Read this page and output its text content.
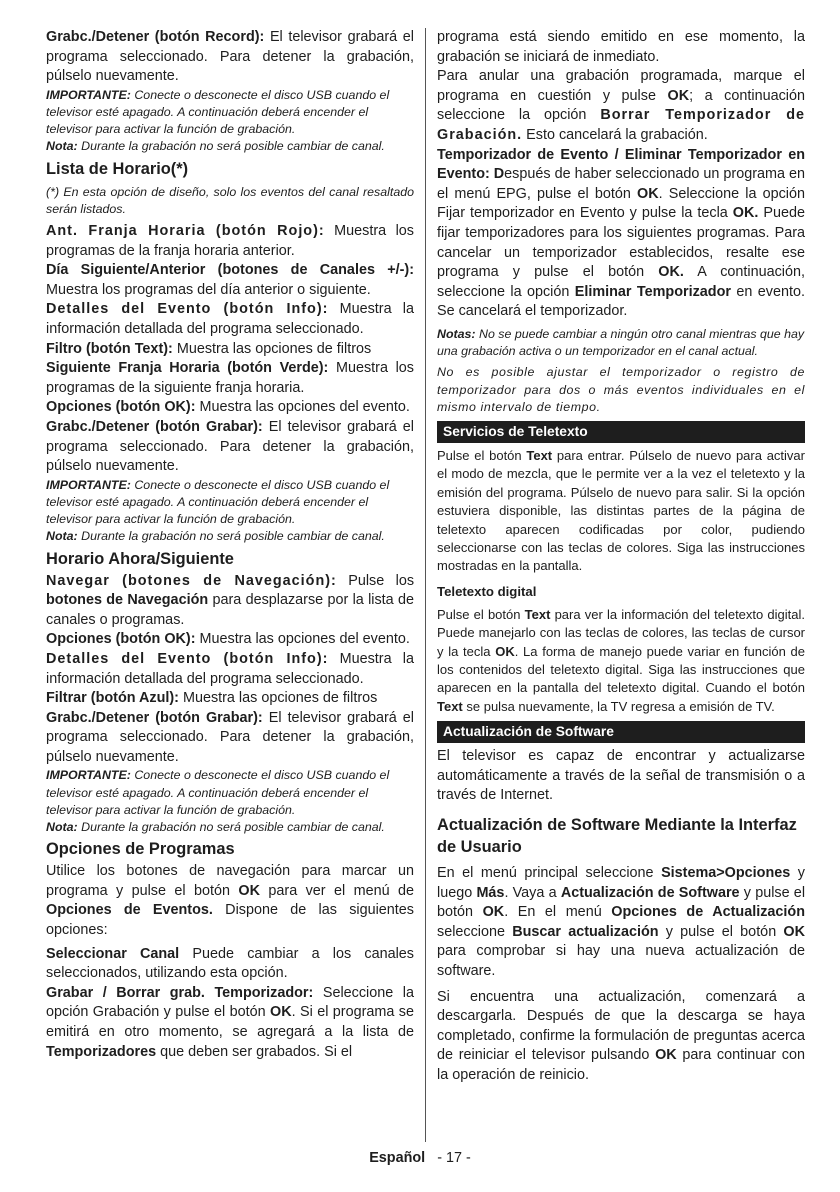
Grabc./Detener (botón Record): El televisor grabará el programa seleccionado. Para detener la grabación, púlselo nuevamente.

IMPORTANTE: Conecte o desconecte el disco USB cuando el televisor esté apagado. A continuación deberá encender el televisor para activar la función de grabación.

Nota: Durante la grabación no será posible cambiar de canal.

Lista de Horario(*)

(*) En esta opción de diseño, solo los eventos del canal resaltado serán listados.

Ant. Franja Horaria (botón Rojo): Muestra los programas de la franja horaria anterior.

Día Siguiente/Anterior (botones de Canales +/-): Muestra los programas del día anterior o siguiente.

Detalles del Evento (botón Info): Muestra la información detallada del programa seleccionado.

Filtro (botón Text): Muestra las opciones de filtros

Siguiente Franja Horaria (botón Verde): Muestra los programas de la siguiente franja horaria.

Opciones (botón OK): Muestra las opciones del evento.

Grabc./Detener (botón Grabar): El televisor grabará el programa seleccionado. Para detener la grabación, púlselo nuevamente.

IMPORTANTE: Conecte o desconecte el disco USB cuando el televisor esté apagado. A continuación deberá encender el televisor para activar la función de grabación.

Nota: Durante la grabación no será posible cambiar de canal.

Horario Ahora/Siguiente

Navegar (botones de Navegación): Pulse los botones de Navegación para desplazarse por la lista de canales o programas.

Opciones (botón OK): Muestra las opciones del evento.

Detalles del Evento (botón Info): Muestra la información detallada del programa seleccionado.

Filtrar (botón Azul): Muestra las opciones de filtros

Grabc./Detener (botón Grabar): El televisor grabará el programa seleccionado. Para detener la grabación, púlselo nuevamente.

IMPORTANTE: Conecte o desconecte el disco USB cuando el televisor esté apagado. A continuación deberá encender el televisor para activar la función de grabación.

Nota: Durante la grabación no será posible cambiar de canal.

Opciones de Programas

Utilice los botones de navegación para marcar un programa y pulse el botón OK para ver el menú de Opciones de Eventos. Dispone de las siguientes opciones:

Seleccionar Canal Puede cambiar a los canales seleccionados, utilizando esta opción.

Grabar / Borrar grab. Temporizador: Seleccione la opción Grabación y pulse el botón OK. Si el programa se emitirá en otro momento, se agregará a la lista de Temporizadores que deben ser grabados. Si el

programa está siendo emitido en ese momento, la grabación se iniciará de inmediato.

Para anular una grabación programada, marque el programa en cuestión y pulse OK; a continuación seleccione la opción Borrar Temporizador de Grabación. Esto cancelará la grabación.

Temporizador de Evento / Eliminar Temporizador en Evento: Después de haber seleccionado un programa en el menú EPG, pulse el botón OK. Seleccione la opción Fijar temporizador en Evento y pulse la tecla OK. Puede fijar temporizadores para los siguientes programas. Para cancelar un temporizador establecidos, resalte ese programa y pulse el botón OK. A continuación, seleccione la opción Eliminar Temporizador en evento. Se cancelará el temporizador.

Notas: No se puede cambiar a ningún otro canal mientras que hay una grabación activa o un temporizador en el canal actual.

No es posible ajustar el temporizador o registro de temporizador para dos o más eventos individuales en el mismo intervalo de tiempo.

Servicios de Teletexto

Pulse el botón Text para entrar. Púlselo de nuevo para activar el modo de mezcla, que le permite ver a la vez el teletexto y la emisión del programa. Púlselo de nuevo para salir. Si la opción estuviera disponible, las distintas partes de la página de teletexto aparecen codificadas por color, pudiendo seleccionarse con las teclas de colores. Siga las instrucciones mostradas en la pantalla.

Teletexto digital

Pulse el botón Text para ver la información del teletexto digital. Puede manejarlo con las teclas de colores, las teclas de cursor y la tecla OK. La forma de manejo puede variar en función de los contenidos del teletexto digital. Siga las instrucciones que aparecen en la pantalla del teletexto digital. Cuando el botón Text se pulsa nuevamente, la TV regresa a emisión de TV.

Actualización de Software

El televisor es capaz de encontrar y actualizarse automáticamente a través de la señal de transmisión o a través de Internet.

Actualización de Software Mediante la Interfaz de Usuario

En el menú principal seleccione Sistema>Opciones y luego Más. Vaya a Actualización de Software y pulse el botón OK. En el menú Opciones de Actualización seleccione Buscar actualización y pulse el botón OK para comprobar si hay una nueva actualización de software.

Si encuentra una actualización, comenzará a descargarla. Después de que la descarga se haya completado, confirme la formulación de preguntas acerca de reiniciar el televisor pulsando OK para continuar con la operación de reinicio.

Español - 17 -
